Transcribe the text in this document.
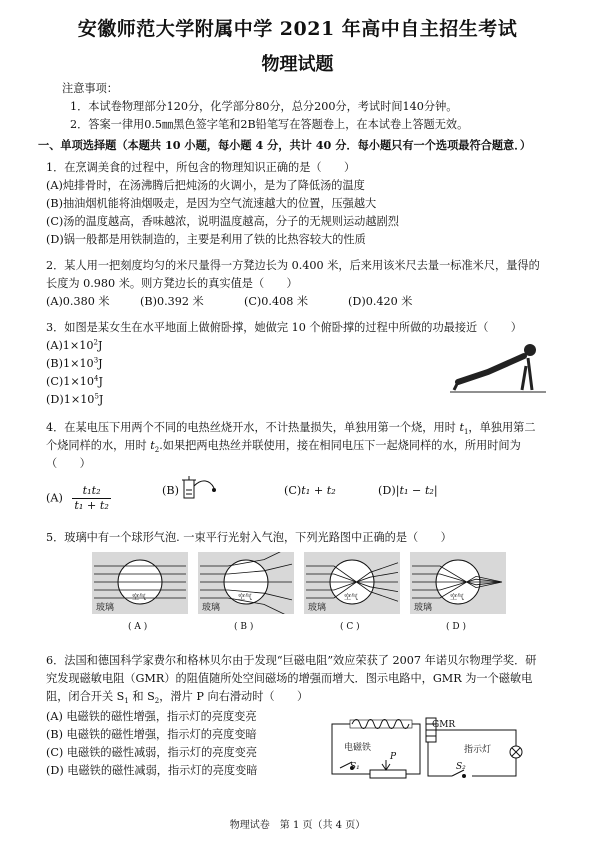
安徽师范大学附属中学 2021 年高中自主招生考试
物理试题
注意事项：
1．本试卷物理部分120分，化学部分80分，总分200分，考试时间140分钟。
2．答案一律用0.5㎜黑色签字笔和2B铅笔写在答题卷上，在本试卷上答题无效。
一、单项选择题（本题共 10 小题，每小题 4 分，共计 40 分．每小题只有一个选项最符合题意．）
1．在烹调美食的过程中，所包含的物理知识正确的是（　　）
(A)炖排骨时，在汤沸腾后把炖汤的火调小，是为了降低汤的温度
(B)抽油烟机能将油烟吸走，是因为空气流速越大的位置，压强越大
(C)汤的温度越高，香味越浓，说明温度越高，分子的无规则运动越剧烈
(D)锅一般都是用铁制造的，主要是利用了铁的比热容较大的性质
2．某人用一把刻度均匀的米尺量得一方凳边长为 0.400 米，后来用该米尺去量一标准米尺，量得的
长度为 0.980 米。则方凳边长的真实值是（　　）
(A)0.380 米	(B)0.392 米	(C)0.408 米	(D)0.420 米
3．如图是某女生在水平地面上做俯卧撑，她做完 10 个俯卧撑的过程中所做的功最接近（　　）
$(A)1\times 10^2J$
$(B)1\times 10^3J$
$(C)1\times 10^4J$
$(D)1\times 10^5J$
4．在某电压下用两个不同的电热丝烧开水，不计热量损失，单独用第一个烧，用时 $t_1$，单独用第二
个烧同样的水，用时 $t_2$.如果把两电热丝并联使用，接在相同电压下一起烧同样的水，所用时间为
（　　）
$(A) \frac{\text{t₁t₂}}{\text{t₁ + t₂}}$	(B)	(C)t₁ + t₂	(D)|t₁ − t₂|
5．玻璃中有一个球形气泡. 一束平行光射入气泡，下列光路图中正确的是（　　）
玻璃
空气
( A )
玻璃
空气
( B )
玻璃
空气
( C )
玻璃
空气
( D )
6．法国和德国科学家费尔和格林贝尔由于发现“巨磁电阻”效应荣获了 2007 年诺贝尔物理学奖．研
究发现磁敏电阻（GMR）的阻值随所处空间磁场的增强而增大．图示电路中，GMR 为一个磁敏电
阻，闭合开关 $S_1$ 和 $S_2$，滑片 P 向右滑动时（　　）
(A) 电磁铁的磁性增强，指示灯的亮度变亮
(B) 电磁铁的磁性增强，指示灯的亮度变暗
(C) 电磁铁的磁性减弱，指示灯的亮度变亮
(D) 电磁铁的磁性减弱，指示灯的亮度变暗
GMR
电磁铁	指示灯
P
S₁	S₂
物理试卷　第 1 页（共 4 页）
